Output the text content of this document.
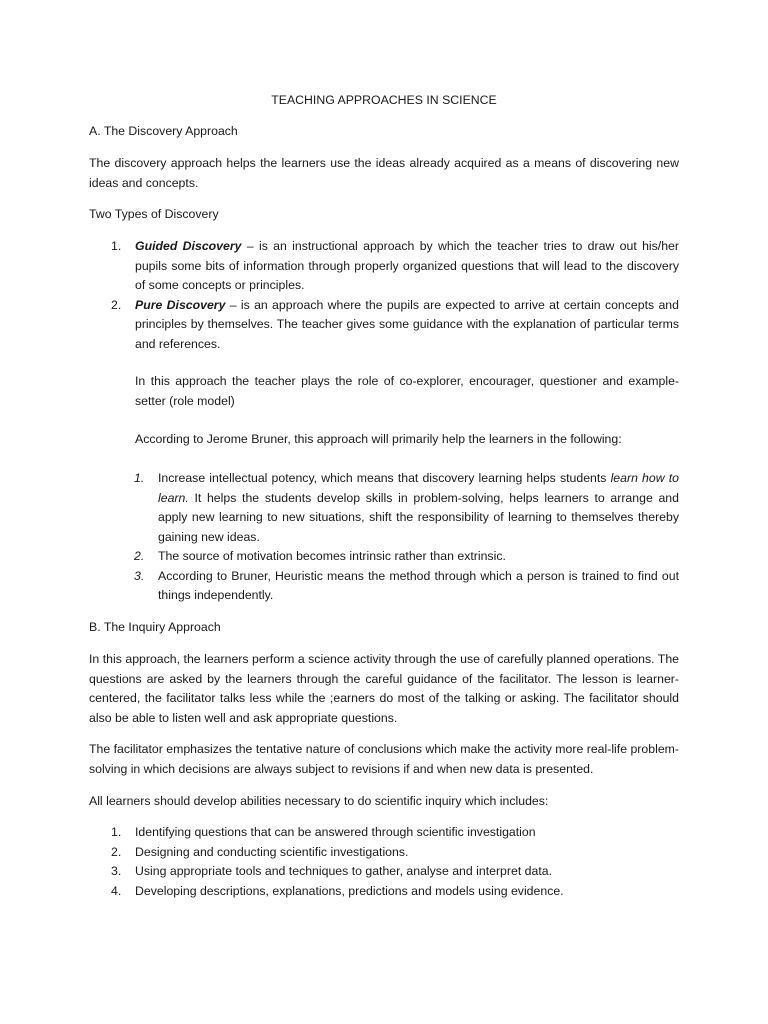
TEACHING APPROACHES IN SCIENCE
A. The Discovery Approach

The discovery approach helps the learners use the ideas already acquired as a means of discovering new ideas and concepts.

Two Types of Discovery
1. Guided Discovery – is an instructional approach by which the teacher tries to draw out his/her pupils some bits of information through properly organized questions that will lead to the discovery of some concepts or principles.
2. Pure Discovery – is an approach where the pupils are expected to arrive at certain concepts and principles by themselves. The teacher gives some guidance with the explanation of particular terms and references.

In this approach the teacher plays the role of co-explorer, encourager, questioner and example-setter (role model)

According to Jerome Bruner, this approach will primarily help the learners in the following:

1. Increase intellectual potency, which means that discovery learning helps students learn how to learn. It helps the students develop skills in problem-solving, helps learners to arrange and apply new learning to new situations, shift the responsibility of learning to themselves thereby gaining new ideas.
2. The source of motivation becomes intrinsic rather than extrinsic.
3. According to Bruner, Heuristic means the method through which a person is trained to find out things independently.
B. The Inquiry Approach

In this approach, the learners perform a science activity through the use of carefully planned operations. The questions are asked by the learners through the careful guidance of the facilitator. The lesson is learner-centered, the facilitator talks less while the ;earners do most of the talking or asking. The facilitator should also be able to listen well and ask appropriate questions.

The facilitator emphasizes the tentative nature of conclusions which make the activity more real-life problem-solving in which decisions are always subject to revisions if and when new data is presented.

All learners should develop abilities necessary to do scientific inquiry which includes:

1. Identifying questions that can be answered through scientific investigation
2. Designing and conducting scientific investigations.
3. Using appropriate tools and techniques to gather, analyse and interpret data.
4. Developing descriptions, explanations, predictions and models using evidence.
